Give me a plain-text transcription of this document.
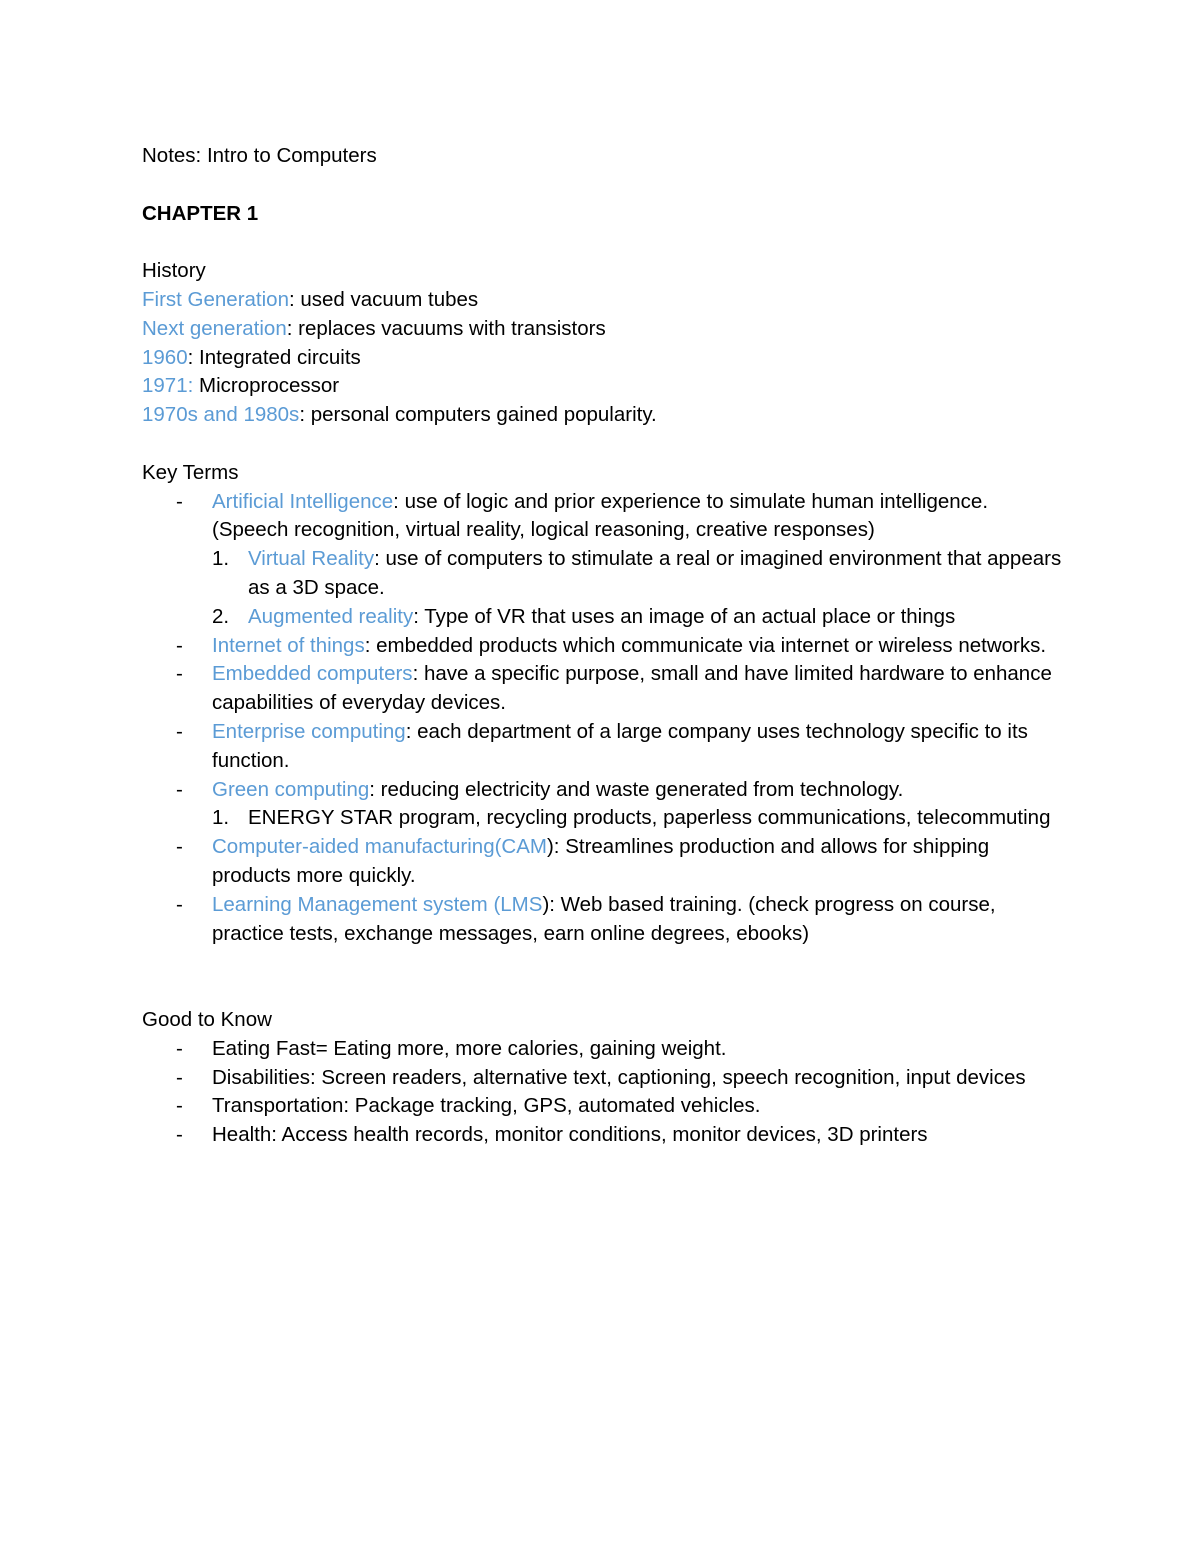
Notes: Intro to Computers

CHAPTER 1

History

First Generation: used vacuum tubes

Next generation: replaces vacuums with transistors

1960: Integrated circuits

1971: Microprocessor

1970s and 1980s: personal computers gained popularity.

Key Terms

- Artificial Intelligence: use of logic and prior experience to simulate human intelligence. (Speech recognition, virtual reality, logical reasoning, creative responses)
1. Virtual Reality: use of computers to stimulate a real or imagined environment that appears as a 3D space.
2. Augmented reality: Type of VR that uses an image of an actual place or things
- Internet of things: embedded products which communicate via internet or wireless networks.
- Embedded computers: have a specific purpose, small and have limited hardware to enhance capabilities of everyday devices.
- Enterprise computing: each department of a large company uses technology specific to its function.
- Green computing: reducing electricity and waste generated from technology.
1. ENERGY STAR program, recycling products, paperless communications, telecommuting
- Computer-aided manufacturing(CAM): Streamlines production and allows for shipping products more quickly.
- Learning Management system (LMS): Web based training. (check progress on course, practice tests, exchange messages, earn online degrees, ebooks)

Good to Know

- Eating Fast= Eating more, more calories, gaining weight.
- Disabilities: Screen readers, alternative text, captioning, speech recognition, input devices
- Transportation: Package tracking, GPS, automated vehicles.
- Health: Access health records, monitor conditions, monitor devices, 3D printers
